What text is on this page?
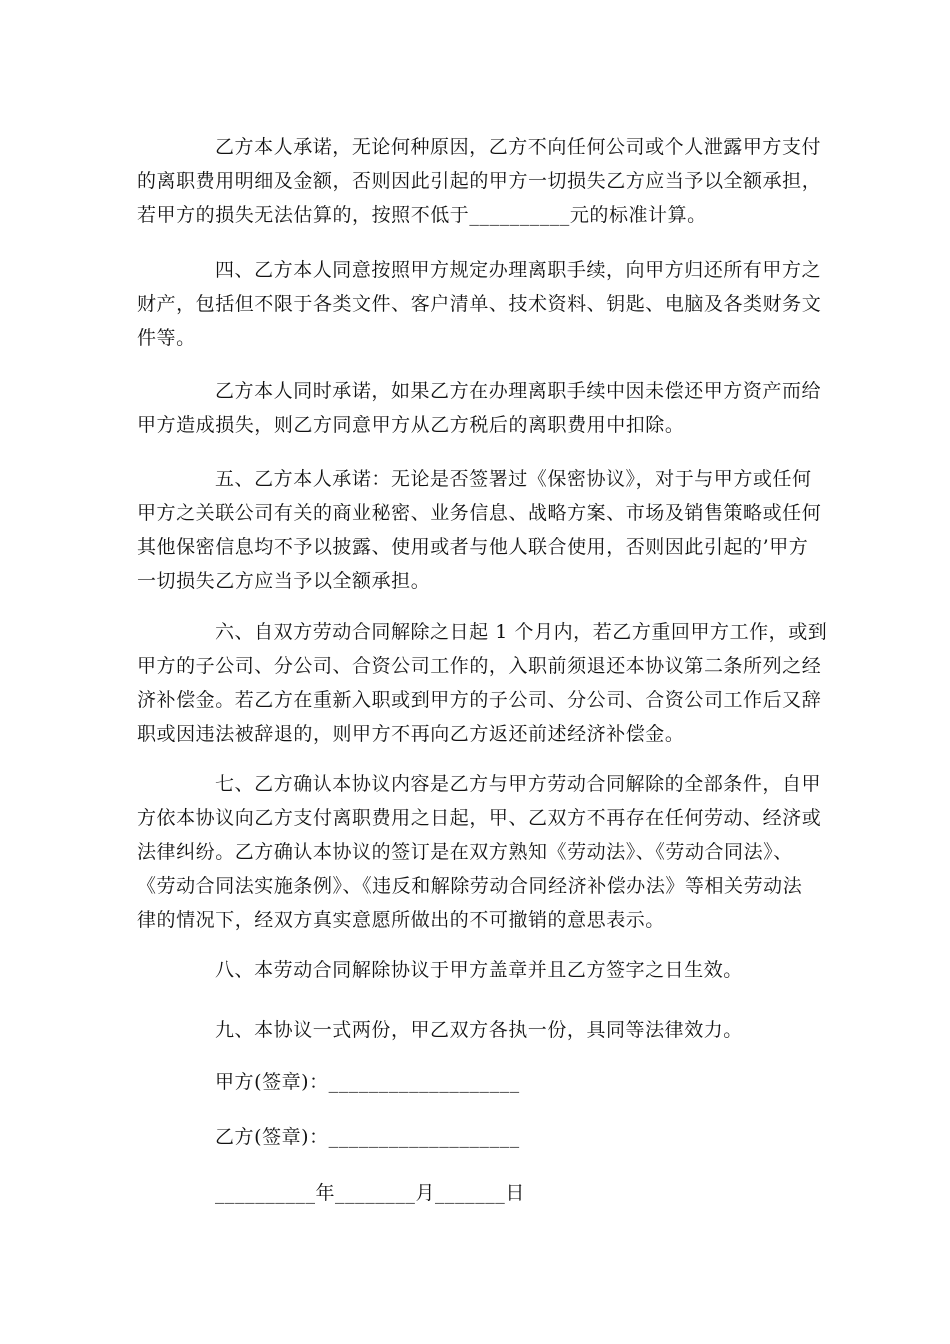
乙方本人承诺，无论何种原因，乙方不向任何公司或个人泄露甲方支付
的离职费用明细及金额，否则因此引起的甲方一切损失乙方应当予以全额承担，
若甲方的损失无法估算的，按照不低于__________元的标准计算。
四、乙方本人同意按照甲方规定办理离职手续，向甲方归还所有甲方之
财产，包括但不限于各类文件、客户清单、技术资料、钥匙、电脑及各类财务文
件等。
乙方本人同时承诺，如果乙方在办理离职手续中因未偿还甲方资产而给
甲方造成损失，则乙方同意甲方从乙方税后的离职费用中扣除。
五、乙方本人承诺：无论是否签署过《保密协议》，对于与甲方或任何
甲方之关联公司有关的商业秘密、业务信息、战略方案、市场及销售策略或任何
其他保密信息均不予以披露、使用或者与他人联合使用，否则因此引起的’甲方
一切损失乙方应当予以全额承担。
六、自双方劳动合同解除之日起 1 个月内，若乙方重回甲方工作，或到
甲方的子公司、分公司、合资公司工作的，入职前须退还本协议第二条所列之经
济补偿金。若乙方在重新入职或到甲方的子公司、分公司、合资公司工作后又辞
职或因违法被辞退的，则甲方不再向乙方返还前述经济补偿金。
七、乙方确认本协议内容是乙方与甲方劳动合同解除的全部条件，自甲
方依本协议向乙方支付离职费用之日起，甲、乙双方不再存在任何劳动、经济或
法律纠纷。乙方确认本协议的签订是在双方熟知《劳动法》、《劳动合同法》、
《劳动合同法实施条例》、《违反和解除劳动合同经济补偿办法》等相关劳动法
律的情况下，经双方真实意愿所做出的不可撤销的意思表示。
八、本劳动合同解除协议于甲方盖章并且乙方签字之日生效。
九、本协议一式两份，甲乙双方各执一份，具同等法律效力。
甲方(签章)：___________________
乙方(签章)：___________________
__________年________月_______日
